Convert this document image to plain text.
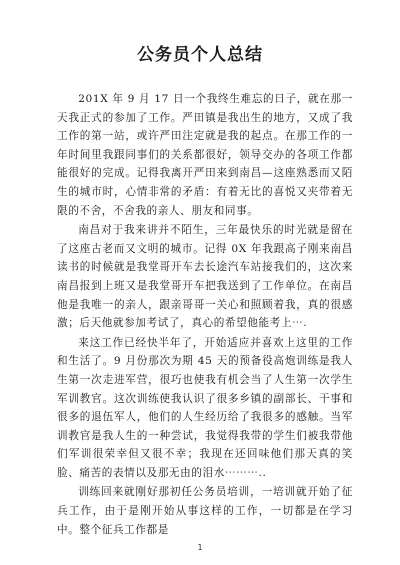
公务员个人总结

201X 年 9 月 17 日一个我终生难忘的日子，就在那一天我正式的参加了工作。严田镇是我出生的地方，又成了我工作的第一站，或许严田注定就是我的起点。在那工作的一年时间里我跟同事们的关系都很好，领导交办的各项工作都能很好的完成。记得我离开严田来到南昌—这座熟悉而又陌生的城市时，心情非常的矛盾：有着无比的喜悦又夹带着无限的不舍，不舍我的亲人、朋友和同事。

南昌对于我来讲并不陌生，三年最快乐的时光就是留在了这座古老而又文明的城市。记得 0X 年我跟高子刚来南昌读书的时候就是我堂哥开车去长途汽车站接我们的，这次来南昌报到上班又是我堂哥开车把我送到了工作单位。在南昌他是我唯一的亲人，跟亲哥哥一关心和照顾着我，真的很感激；后天他就参加考试了，真心的希望他能考上⋯.

来这工作已经快半年了，开始适应并喜欢上这里的工作和生活了。9 月份那次为期 45 天的预备役高炮训练是我人生第一次走进军营，很巧也使我有机会当了人生第一次学生军训教官。这次训练使我认识了很多乡镇的副部长、干事和很多的退伍军人，他们的人生经历给了我很多的感触。当军训教官是我人生的一种尝试，我觉得我带的学生们被我带他们军训很荣幸但又很不幸；我现在还回味他们那天真的笑脸、痛苦的表情以及那无由的泪水⋯⋯⋯..

训练回来就刚好那初任公务员培训，一培训就开始了征兵工作，由于是刚开始从事这样的工作，一切都是在学习中。整个征兵工作都是

1
